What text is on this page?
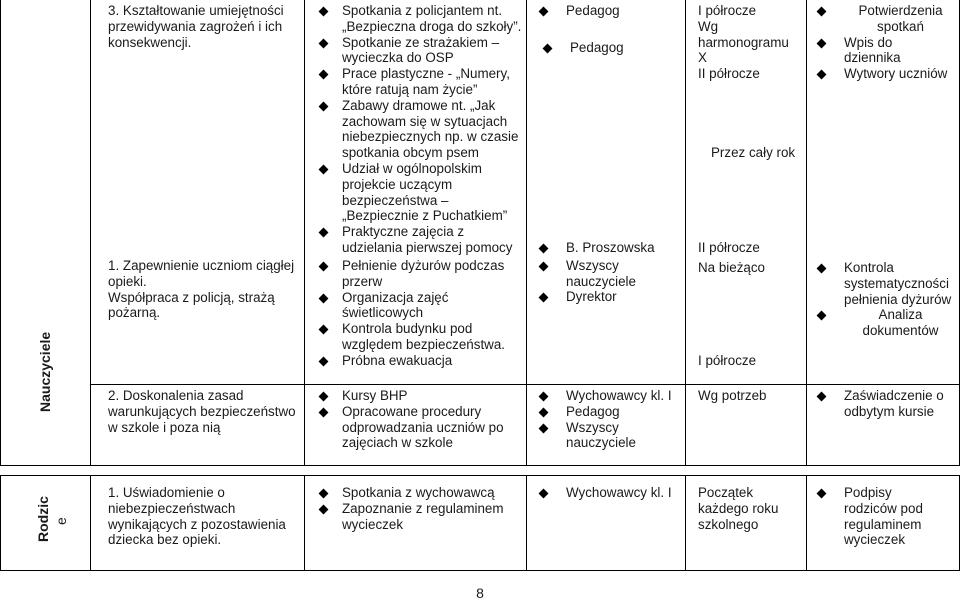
Nauczyciele
Rodzic e
3. Kształtowanie umiejętności
przewidywania zagrożeń i ich
konsekwencji.
Spotkania z policjantem nt.
„Bezpieczna droga do szkoły”.
Spotkanie ze strażakiem –
wycieczka do OSP
Prace plastyczne - „Numery,
które ratują nam życie”
Zabawy dramowe nt. „Jak
zachowam się w sytuacjach
niebezpiecznych np. w czasie
spotkania obcym psem
Udział w ogólnopolskim
projekcie uczącym
bezpieczeństwa –
„Bezpiecznie z Puchatkiem”
Praktyczne zajęcia z
udzielania pierwszej pomocy
Pedagog
Pedagog
I półrocze
Wg
harmonogramu
X
II półrocze
Przez cały rok
II półrocze
Potwierdzenia
spotkań
Wpis do
dziennika
Wytwory uczniów
1. Zapewnienie uczniom ciągłej
opieki.
Współpraca z policją, strażą
pożarną.
Pełnienie dyżurów podczas
przerw
Organizacja zajęć
świetlicowych
Kontrola budynku pod
względem bezpieczeństwa.
Próbna ewakuacja
B. Proszowska
Wszyscy
nauczyciele
Dyrektor
Na bieżąco
I półrocze
Kontrola
systematyczności
pełnienia dyżurów
Analiza
dokumentów
2. Doskonalenia zasad
warunkujących bezpieczeństwo
w szkole i poza nią
Kursy BHP
Opracowane procedury
odprowadzania uczniów po
zajęciach w szkole
Wychowawcy kl. I
Pedagog
Wszyscy
nauczyciele
Wg potrzeb	Zaświadczenie o
odbytym kursie
1. Uświadomienie o
niebezpieczeństwach
wynikających z pozostawienia
dziecka bez opieki.
Spotkania z wychowawcą
Zapoznanie z regulaminem
wycieczek
Wychowawcy kl. I	Początek
każdego roku
szkolnego
Podpisy
rodziców pod
regulaminem
wycieczek
8
